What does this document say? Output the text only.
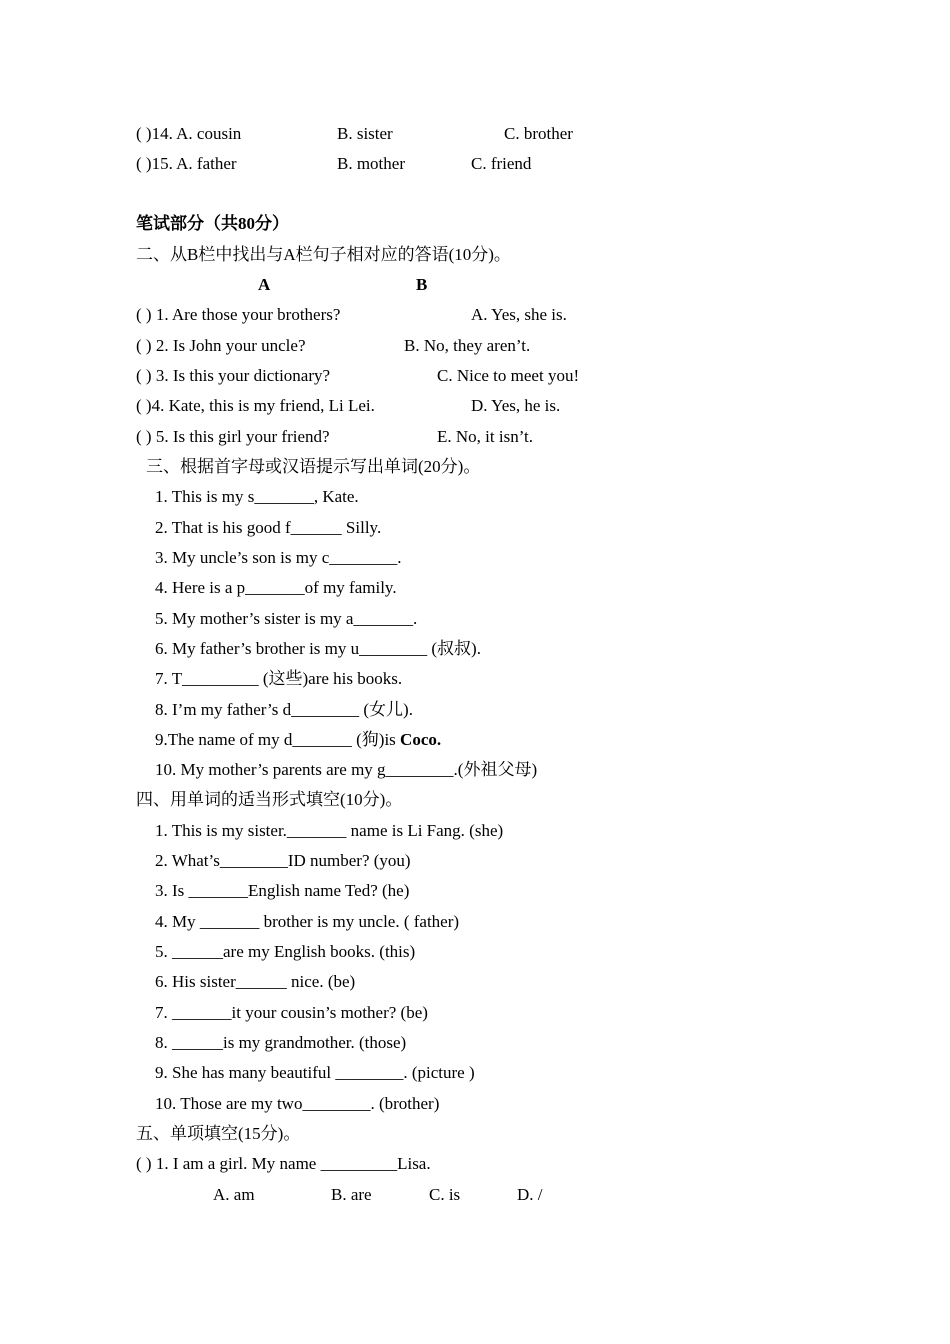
( )14. A. cousin	B. sister	C. brother
( )15. A. father	B. mother	C. friend
笔试部分（共80分）
二、从B栏中找出与A栏句子相对应的答语(10分)。
A	B
( ) 1. Are those your brothers?	A. Yes, she is.
( ) 2. Is John your uncle?	B. No, they aren’t.
( ) 3. Is this your dictionary?	C. Nice to meet you!
( )4. Kate, this is my friend, Li Lei.	D. Yes, he is.
( ) 5. Is this girl your friend?	E. No, it isn’t.
三、根据首字母或汉语提示写出单词(20分)。
1. This is my s_______, Kate.
2. That is his good f______ Silly.
3. My uncle’s son is my c________.
4. Here is a p_______of my family.
5. My mother’s sister is my a_______.
6. My father’s brother is my u________ (叔叔).
7. T_________ (这些)are his books.
8. I’m my father’s d________ (女儿).
9.The name of my d_______ (狗)is Coco.
10. My mother’s parents are my g________.(外祖父母)
四、用单词的适当形式填空(10分)。
1. This is my sister._______ name is Li Fang. (she)
2. What’s________ID number? (you)
3. Is _______English name Ted? (he)
4. My _______ brother is my uncle. ( father)
5. ______are my English books. (this)
6. His sister______ nice. (be)
7. _______it your cousin’s mother? (be)
8. ______is my grandmother. (those)
9. She has many beautiful ________. (picture )
10. Those are my two________. (brother)
五、单项填空(15分)。
( ) 1. I am a girl. My name _________Lisa.
A. am	B. are	C. is	D. /
